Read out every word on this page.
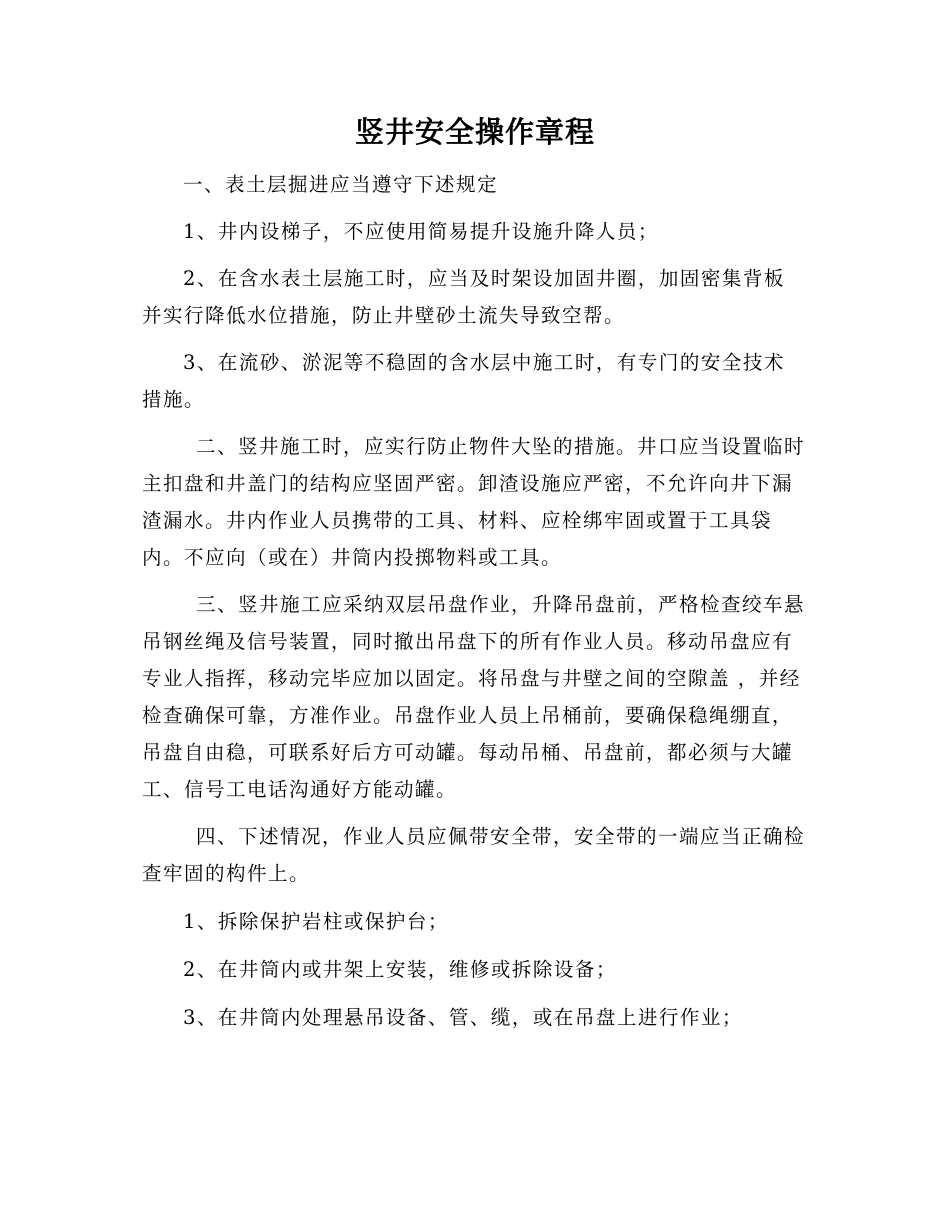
竖井安全操作章程

一、表土层掘进应当遵守下述规定

1、井内设梯子，不应使用简易提升设施升降人员；

2、在含水表土层施工时，应当及时架设加固井圈，加固密集背板并实行降低水位措施，防止井壁砂土流失导致空帮。

3、在流砂、淤泥等不稳固的含水层中施工时，有专门的安全技术措施。

二、竖井施工时，应实行防止物件大坠的措施。井口应当设置临时主扣盘和井盖门的结构应坚固严密。卸渣设施应严密，不允许向井下漏渣漏水。井内作业人员携带的工具、材料、应栓绑牢固或置于工具袋内。不应向（或在）井筒内投掷物料或工具。

三、竖井施工应采纳双层吊盘作业，升降吊盘前，严格检查绞车悬吊钢丝绳及信号装置，同时撤出吊盘下的所有作业人员。移动吊盘应有专业人指挥，移动完毕应加以固定。将吊盘与井壁之间的空隙盖 ，并经检查确保可靠，方准作业。吊盘作业人员上吊桶前，要确保稳绳绷直，吊盘自由稳，可联系好后方可动罐。每动吊桶、吊盘前，都必须与大罐工、信号工电话沟通好方能动罐。

四、下述情况，作业人员应佩带安全带，安全带的一端应当正确检查牢固的构件上。

1、拆除保护岩柱或保护台；

2、在井筒内或井架上安装，维修或拆除设备；

3、在井筒内处理悬吊设备、管、缆，或在吊盘上进行作业；
